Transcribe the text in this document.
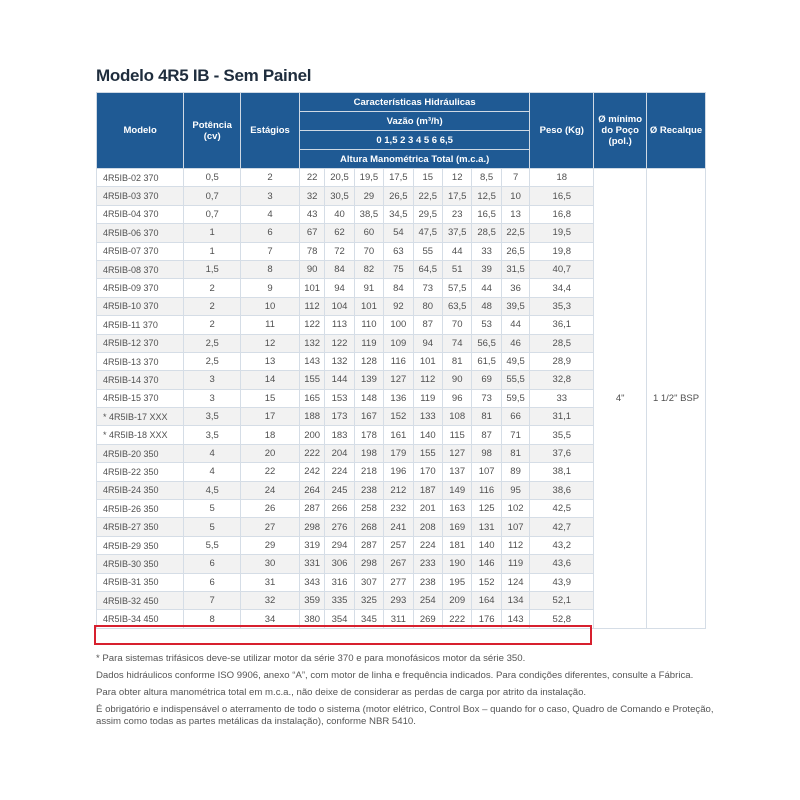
Modelo 4R5 IB - Sem Painel
Modelo	Potência (cv)	Estágios	Características Hidráulicas								Peso (Kg)	Ø mínimo do Poço (pol.)	Ø Recalque
			Vazão (m³/h)										
			0 1,5 2 3 4 5 6 6,5										
			Altura Manométrica Total (m.c.a.)										
4R5IB-02 370	0,5	2	22	20,5	19,5	17,5	15	12	8,5	7	18	4"	1 1/2" BSP
4R5IB-03 370	0,7	3	32	30,5	29	26,5	22,5	17,5	12,5	10	16,5		
4R5IB-04 370	0,7	4	43	40	38,5	34,5	29,5	23	16,5	13	16,8		
4R5IB-06 370	1	6	67	62	60	54	47,5	37,5	28,5	22,5	19,5		
4R5IB-07 370	1	7	78	72	70	63	55	44	33	26,5	19,8		
4R5IB-08 370	1,5	8	90	84	82	75	64,5	51	39	31,5	40,7		
4R5IB-09 370	2	9	101	94	91	84	73	57,5	44	36	34,4		
4R5IB-10 370	2	10	112	104	101	92	80	63,5	48	39,5	35,3		
4R5IB-11 370	2	11	122	113	110	100	87	70	53	44	36,1		
4R5IB-12 370	2,5	12	132	122	119	109	94	74	56,5	46	28,5		
4R5IB-13 370	2,5	13	143	132	128	116	101	81	61,5	49,5	28,9		
4R5IB-14 370	3	14	155	144	139	127	112	90	69	55,5	32,8		
4R5IB-15 370	3	15	165	153	148	136	119	96	73	59,5	33		
* 4R5IB-17 XXX	3,5	17	188	173	167	152	133	108	81	66	31,1		
* 4R5IB-18 XXX	3,5	18	200	183	178	161	140	115	87	71	35,5		
4R5IB-20 350	4	20	222	204	198	179	155	127	98	81	37,6		
4R5IB-22 350	4	22	242	224	218	196	170	137	107	89	38,1		
4R5IB-24 350	4,5	24	264	245	238	212	187	149	116	95	38,6		
4R5IB-26 350	5	26	287	266	258	232	201	163	125	102	42,5		
4R5IB-27 350	5	27	298	276	268	241	208	169	131	107	42,7		
4R5IB-29 350	5,5	29	319	294	287	257	224	181	140	112	43,2		
4R5IB-30 350	6	30	331	306	298	267	233	190	146	119	43,6		
4R5IB-31 350	6	31	343	316	307	277	238	195	152	124	43,9		
4R5IB-32 450	7	32	359	335	325	293	254	209	164	134	52,1		
4R5IB-34 450	8	34	380	354	345	311	269	222	176	143	52,8		

* Para sistemas trifásicos deve-se utilizar motor da série 370 e para monofásicos motor da série 350.

Dados hidráulicos conforme ISO 9906, anexo “A”, com motor de linha e frequência indicados. Para condições diferentes, consulte a Fábrica.

Para obter altura manométrica total em m.c.a., não deixe de considerar as perdas de carga por atrito da instalação.

É obrigatório e indispensável o aterramento de todo o sistema (motor elétrico, Control Box – quando for o caso, Quadro de Comando e Proteção, assim como todas as partes metálicas da instalação), conforme NBR 5410.
